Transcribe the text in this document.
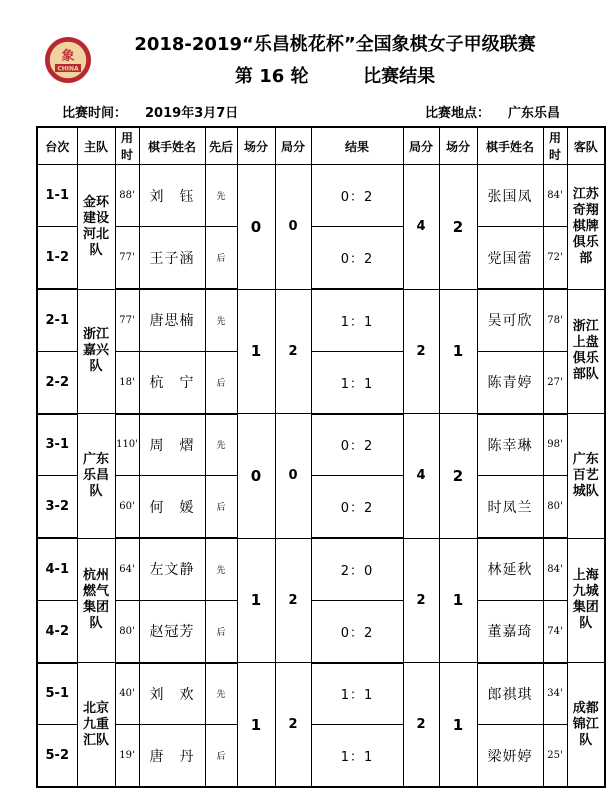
象
CHINA
2018-2019“乐昌桃花杯”全国象棋女子甲级联赛
第 16 轮	比赛结果
比赛时间： 2019年3月7日	比赛地点： 广东乐昌
台次	主队	用时	棋手姓名	先后	场分	局分	结果	局分	场分	棋手姓名	用时	客队
1-1	金环建设河北队	88'	刘　钰	先	0	0	0：2	4	2	张国凤	84'	江苏奇翔棋牌俱乐部

1-2		77'	王子涵	后			0：2			党国蕾	72'	
2-1	浙江嘉兴队	77'	唐思楠	先	1	2	1：1	2	1	吴可欣	78'	浙江上盘俱乐部队

2-2		18'	杭　宁	后			1：1			陈青婷	27'	
3-1	广东乐昌队	110'	周　熠	先	0	0	0：2	4	2	陈幸琳	98'	广东百艺城队

3-2		60'	何　媛	后			0：2			时凤兰	80'	
4-1	杭州燃气集团队	64'	左文静	先	1	2	2：0	2	1	林延秋	84'	上海九城集团队

4-2		80'	赵冠芳	后			0：2			董嘉琦	74'	
5-1	北京九重汇队	40'	刘　欢	先	1	2	1：1	2	1	郎祺琪	34'	成都锦江队

5-2		19'	唐　丹	后			1：1			梁妍婷	25'	
